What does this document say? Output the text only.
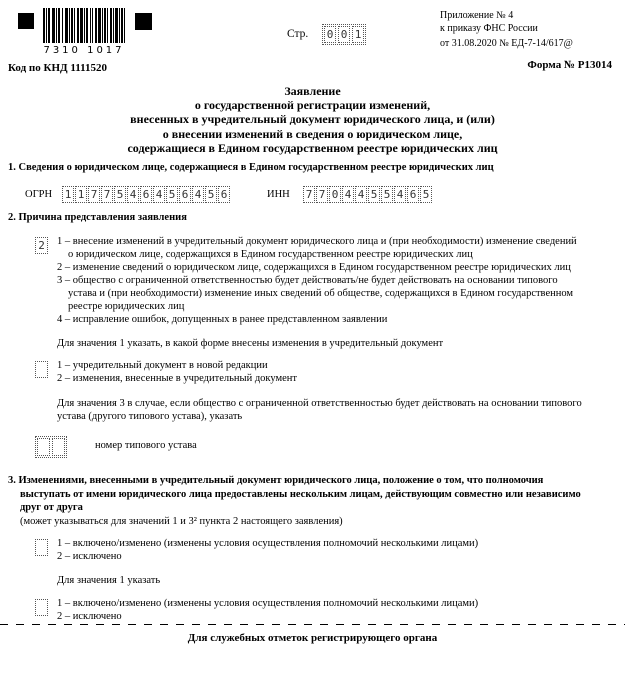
7310 1017
Код по КНД 1111520
Стр. 0 0 1
Приложение № 4
к приказу ФНС России
от 31.08.2020 № ЕД-7-14/617@
Форма № Р13014
Заявление
о государственной регистрации изменений,
внесенных в учредительный документ юридического лица, и (или)
о внесении изменений в сведения о юридическом лице,
содержащиеся в Едином государственном реестре юридических лиц
1. Сведения о юридическом лице, содержащиеся в Едином государственном реестре юридических лиц
ОГРН 1 1 7 7 5 4 6 4 5 6 4 5 6	ИНН 7 7 0 4 4 5 5 4 6 5
2. Причина представления заявления
2	1 – внесение изменений в учредительный документ юридического лица и (при необходимости) изменение сведений
о юридическом лице, содержащихся в Едином государственном реестре юридических лиц
2 – изменение сведений о юридическом лице, содержащихся в Едином государственном реестре юридических лиц
3 – общество с ограниченной ответственностью будет действовать/не будет действовать на основании типового
устава и (при необходимости) изменение иных сведений об обществе, содержащихся в Едином государственном
реестре юридических лиц
4 – исправление ошибок, допущенных в ранее представленном заявлении
Для значения 1 указать, в какой форме внесены изменения в учредительный документ
1 – учредительный документ в новой редакции
2 – изменения, внесенные в учредительный документ
Для значения 3 в случае, если общество с ограниченной ответственностью будет действовать на основании типового
устава (другого типового устава), указать
номер типового устава
3. Изменениями, внесенными в учредительный документ юридического лица, положение о том, что полномочия
выступать от имени юридического лица предоставлены нескольким лицам, действующим совместно или независимо
друг от друга
(может указываться для значений 1 и 3² пункта 2 настоящего заявления)
1 – включено/изменено (изменены условия осуществления полномочий несколькими лицами)
2 – исключено
Для значения 1 указать
1 – включено/изменено (изменены условия осуществления полномочий несколькими лицами)
2 – исключено
Для служебных отметок регистрирующего органа
